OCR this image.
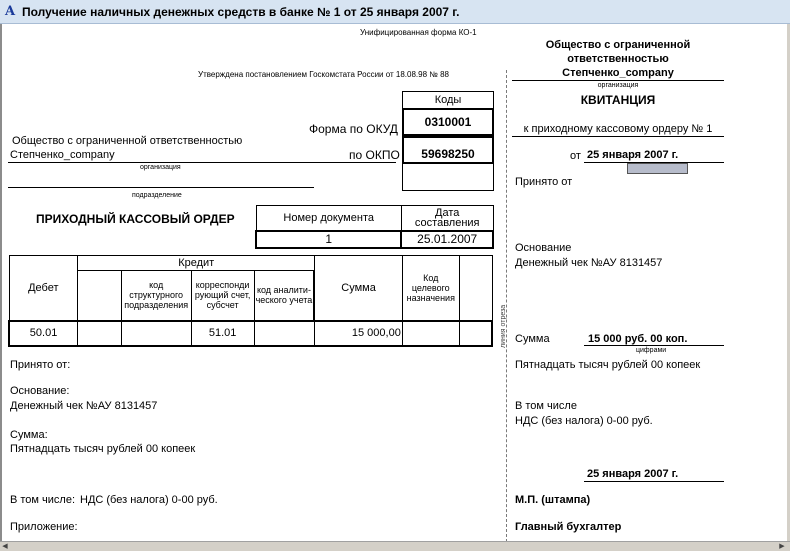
A Получение наличных денежных средств в банке № 1 от 25 января 2007 г.
Унифицированная форма КО-1
Утверждена постановлением Госкомстата России от 18.08.98 № 88
Коды
0310001
59698250
Форма по ОКУД
по ОКПО
Общество с ограниченной ответственностью
Степченко_company
организация
подразделение
ПРИХОДНЫЙ КАССОВЫЙ ОРДЕР	Номер документа	Дата составления
1	25.01.2007
Дебет	Кредит				Сумма	Код целевого назначения	
		код структурного подразделения	корреспонди рующий счет, субсчет	код аналити- ческого учета			
50.01			51.01		15 000,00		
Принято от:
Основание:
Денежный чек №АУ 8131457
Сумма:
Пятнадцать тысяч рублей 00 копеек
В том числе: НДС (без налога) 0-00 руб.
Приложение:
линия отреза
Общество с ограниченной
ответственностью
Степченко_company
организация
КВИТАНЦИЯ
к приходному кассовому ордеру № 1
от 25 января 2007 г.
Принято от
Основание
Денежный чек №АУ 8131457
Сумма	15 000 руб. 00 коп.
цифрами
Пятнадцать тысяч рублей 00 копеек
В том числе
НДС (без налога) 0-00 руб.
25 января 2007 г.
М.П. (штампа)
Главный бухгалтер
◀	▶
